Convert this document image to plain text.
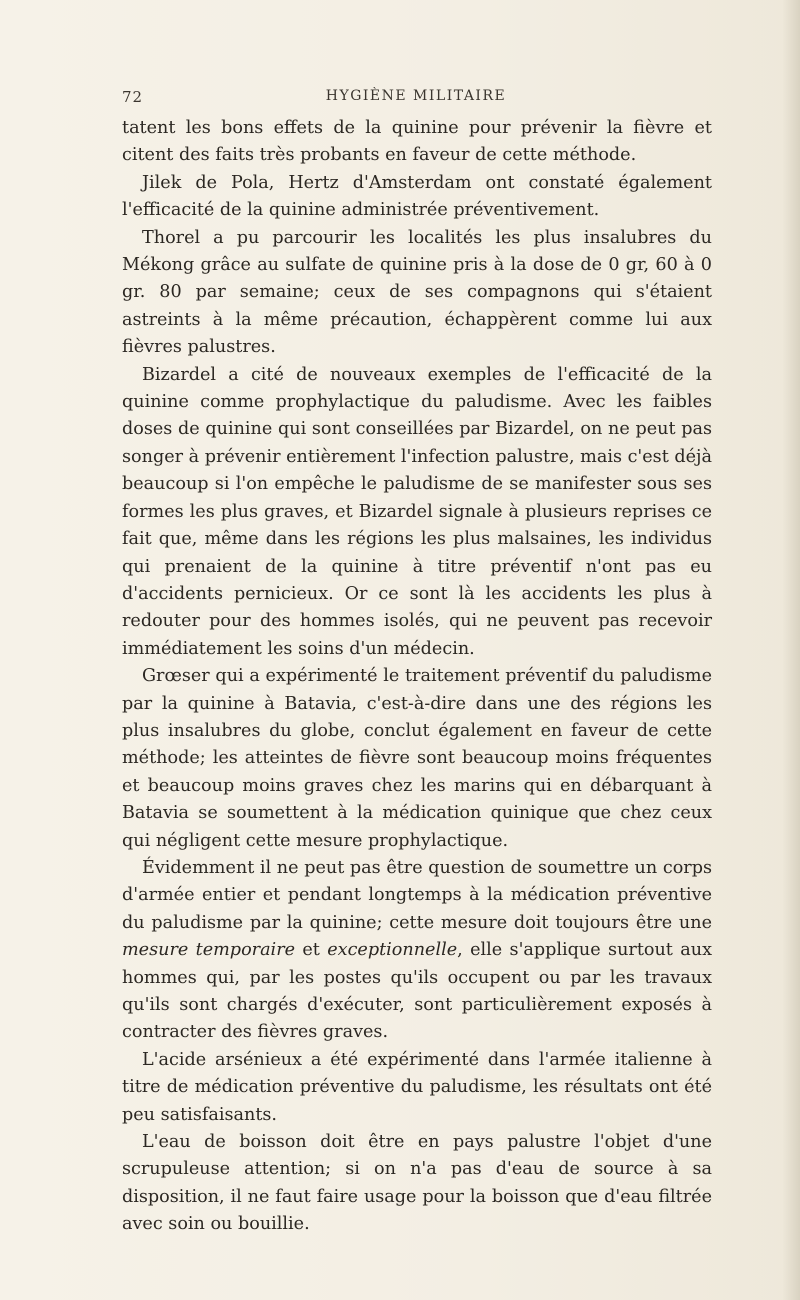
72	HYGIÈNE MILITAIRE

tatent les bons effets de la quinine pour prévenir la fièvre et citent des faits très probants en faveur de cette méthode.

Jilek de Pola, Hertz d'Amsterdam ont constaté également l'efficacité de la quinine administrée préventivement.

Thorel a pu parcourir les localités les plus insalubres du Mékong grâce au sulfate de quinine pris à la dose de 0 gr, 60 à 0 gr. 80 par semaine; ceux de ses compagnons qui s'étaient astreints à la même précaution, échappèrent comme lui aux fièvres palustres.

Bizardel a cité de nouveaux exemples de l'efficacité de la quinine comme prophylactique du paludisme. Avec les faibles doses de quinine qui sont conseillées par Bizardel, on ne peut pas songer à prévenir entièrement l'infection palustre, mais c'est déjà beaucoup si l'on empêche le paludisme de se manifester sous ses formes les plus graves, et Bizardel signale à plusieurs reprises ce fait que, même dans les régions les plus malsaines, les individus qui prenaient de la quinine à titre préventif n'ont pas eu d'accidents pernicieux. Or ce sont là les accidents les plus à redouter pour des hommes isolés, qui ne peuvent pas recevoir immédiatement les soins d'un médecin.

Grœser qui a expérimenté le traitement préventif du paludisme par la quinine à Batavia, c'est-à-dire dans une des régions les plus insalubres du globe, conclut également en faveur de cette méthode; les atteintes de fièvre sont beaucoup moins fréquentes et beaucoup moins graves chez les marins qui en débarquant à Batavia se soumettent à la médication quinique que chez ceux qui négligent cette mesure prophylactique.

Évidemment il ne peut pas être question de soumettre un corps d'armée entier et pendant longtemps à la médication préventive du paludisme par la quinine; cette mesure doit toujours être une mesure temporaire et exceptionnelle, elle s'applique surtout aux hommes qui, par les postes qu'ils occupent ou par les travaux qu'ils sont chargés d'exécuter, sont particulièrement exposés à contracter des fièvres graves.

L'acide arsénieux a été expérimenté dans l'armée italienne à titre de médication préventive du paludisme, les résultats ont été peu satisfaisants.

L'eau de boisson doit être en pays palustre l'objet d'une scrupuleuse attention; si on n'a pas d'eau de source à sa disposition, il ne faut faire usage pour la boisson que d'eau filtrée avec soin ou bouillie.
